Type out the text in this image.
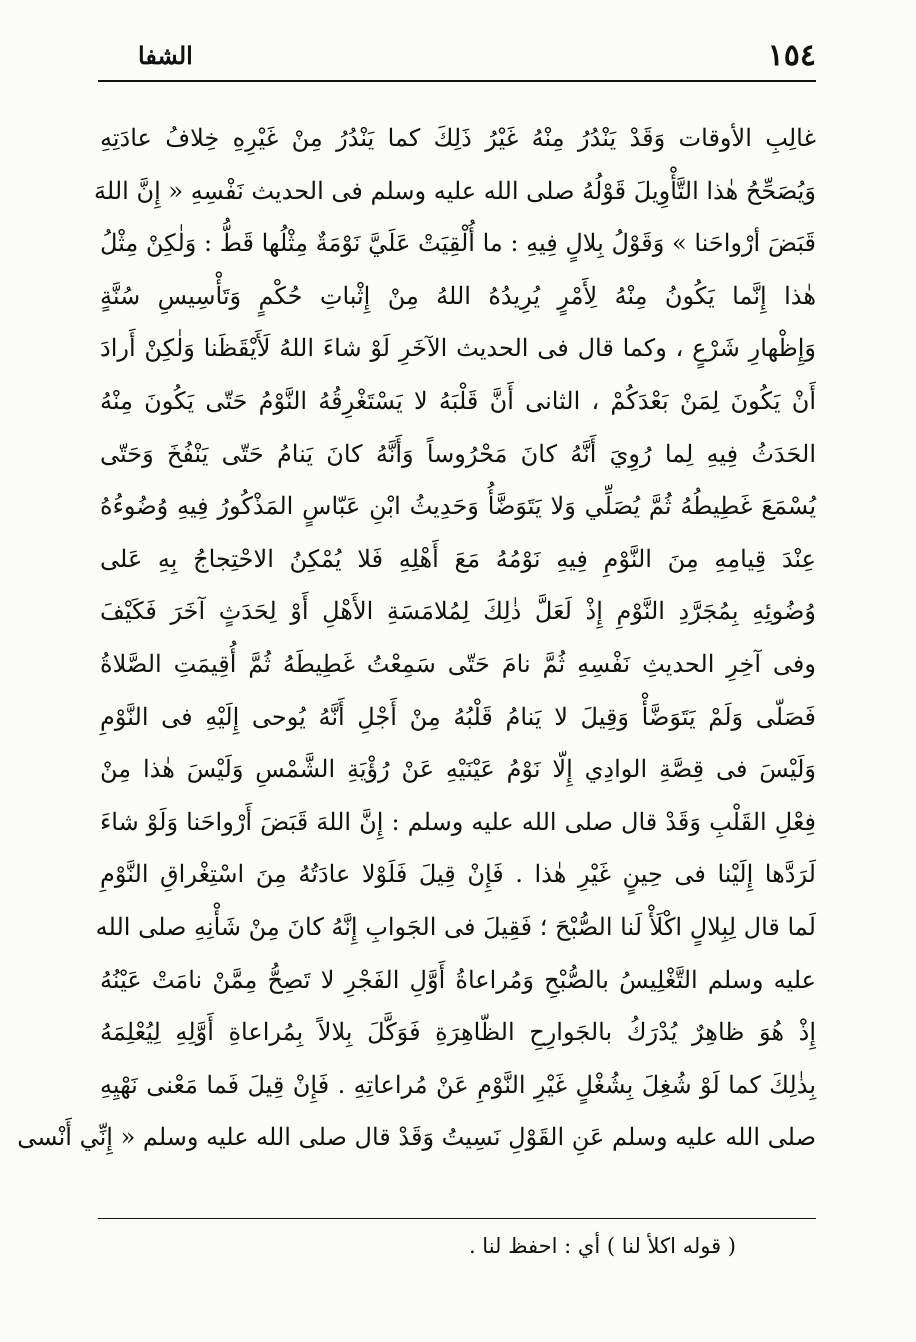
١٥٤
الشفا
غالِبِ الأوقات وَقَدْ يَنْدُرُ مِنْهُ غَيْرُ ذَلِكَ كما يَنْدُرُ مِنْ غَيْرِهِ خِلافُ عادَتِهِ
وَيُصَحِّحُ هٰذا التَّأْوِيلَ قَوْلُهُ صلى الله عليه وسلم فى الحديث نَفْسِهِ « إِنَّ اللهَ
قَبَضَ أرْواحَنا » وَقَوْلُ بِلالٍ فِيهِ : ما أُلْقِيَتْ عَلَيَّ نَوْمَةٌ مِثْلُها قَطُّ : وَلٰكِنْ مِثْلُ
هٰذا إِنَّما يَكُونُ مِنْهُ لِأَمْرٍ يُرِيدُهُ اللهُ مِنْ إِثْباتِ حُكْمٍ وَتَأْسِيسِ سُنَّةٍ
وَإِظْهارِ شَرْعٍ ، وكما قال فى الحديث الآخَرِ لَوْ شاءَ اللهُ لَأَيْقَظَنا وَلٰكِنْ أَرادَ
أَنْ يَكُونَ لِمَنْ بَعْدَكُمْ ، الثانى أَنَّ قَلْبَهُ لا يَسْتَغْرِقُهُ النَّوْمُ حَتّى يَكُونَ مِنْهُ
الحَدَثُ فِيهِ لِما رُوِيَ أَنَّهُ كانَ مَحْرُوساً وَأَنَّهُ كانَ يَنامُ حَتّى يَنْفُخَ وَحَتّى
يُسْمَعَ غَطِيطُهُ ثُمَّ يُصَلِّي وَلا يَتَوَضَّأُ وَحَدِيثُ ابْنِ عَبّاسٍ المَذْكُورُ فِيهِ وُضُوءُهُ
عِنْدَ قِيامِهِ مِنَ النَّوْمِ فِيهِ نَوْمُهُ مَعَ أَهْلِهِ فَلا يُمْكِنُ الاحْتِجاجُ بِهِ عَلى
وُضُوئِهِ بِمُجَرَّدِ النَّوْمِ إِذْ لَعَلَّ ذٰلِكَ لِمُلامَسَةِ الأَهْلِ أَوْ لِحَدَثٍ آخَرَ فَكَيْفَ
وفى آخِرِ الحديثِ نَفْسِهِ ثُمَّ نامَ حَتّى سَمِعْتُ غَطِيطَهُ ثُمَّ أُقِيمَتِ الصَّلاةُ
فَصَلّى وَلَمْ يَتَوَضَّأْ وَقِيلَ لا يَنامُ قَلْبُهُ مِنْ أَجْلِ أَنَّهُ يُوحى إِلَيْهِ فى النَّوْمِ
وَلَيْسَ فى قِصَّةِ الوادِي إِلّا نَوْمُ عَيْنَيْهِ عَنْ رُؤْيَةِ الشَّمْسِ وَلَيْسَ هٰذا مِنْ
فِعْلِ القَلْبِ وَقَدْ قال صلى الله عليه وسلم : إِنَّ اللهَ قَبَضَ أَرْواحَنا وَلَوْ شاءَ
لَرَدَّها إِلَيْنا فى حِينٍ غَيْرِ هٰذا . فَإِنْ قِيلَ فَلَوْلا عادَتُهُ مِنَ اسْتِغْراقِ النَّوْمِ
لَما قال لِبِلالٍ اكْلَأْ لَنا الصُّبْحَ ؛ فَقِيلَ فى الجَوابِ إِنَّهُ كانَ مِنْ شَأْنِهِ صلى الله
عليه وسلم التَّغْلِيسُ بالصُّبْحِ وَمُراعاةُ أَوَّلِ الفَجْرِ لا تَصِحُّ مِمَّنْ نامَتْ عَيْنُهُ
إِذْ هُوَ ظاهِرٌ يُدْرَكُ بالجَوارِحِ الظّاهِرَةِ فَوَكَّلَ بِلالاً بِمُراعاةِ أَوَّلِهِ لِيُعْلِمَهُ
بِذٰلِكَ كما لَوْ شُغِلَ بِشُغْلٍ غَيْرِ النَّوْمِ عَنْ مُراعاتِهِ . فَإِنْ قِيلَ فَما مَعْنى نَهْيِهِ
صلى الله عليه وسلم عَنِ القَوْلِ نَسِيتُ وَقَدْ قال صلى الله عليه وسلم « إِنِّي أَنْسى
( قوله اكلأ لنا ) أي : احفظ لنا .
